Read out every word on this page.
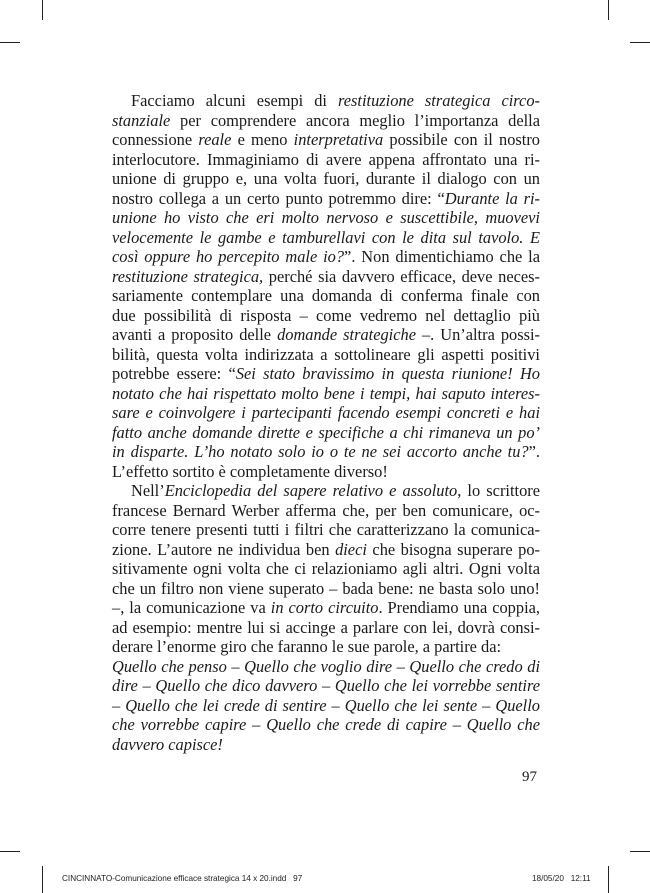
Facciamo alcuni esempi di restituzione strategica circo-
stanziale per comprendere ancora meglio l’importanza della
connessione reale e meno interpretativa possibile con il nostro
interlocutore. Immaginiamo di avere appena affrontato una ri-
unione di gruppo e, una volta fuori, durante il dialogo con un
nostro collega a un certo punto potremmo dire: “Durante la ri-
unione ho visto che eri molto nervoso e suscettibile, muovevi
velocemente le gambe e tamburellavi con le dita sul tavolo. E
così oppure ho percepito male io?”. Non dimentichiamo che la
restituzione strategica, perché sia davvero efficace, deve neces-
sariamente contemplare una domanda di conferma finale con
due possibilità di risposta – come vedremo nel dettaglio più
avanti a proposito delle domande strategiche –. Un’altra possi-
bilità, questa volta indirizzata a sottolineare gli aspetti positivi
potrebbe essere: “Sei stato bravissimo in questa riunione! Ho
notato che hai rispettato molto bene i tempi, hai saputo interes-
sare e coinvolgere i partecipanti facendo esempi concreti e hai
fatto anche domande dirette e specifiche a chi rimaneva un po’
in disparte. L’ho notato solo io o te ne sei accorto anche tu?”.
L’effetto sortito è completamente diverso!
Nell’Enciclopedia del sapere relativo e assoluto, lo scrittore
francese Bernard Werber afferma che, per ben comunicare, oc-
corre tenere presenti tutti i filtri che caratterizzano la comunica-
zione. L’autore ne individua ben dieci che bisogna superare po-
sitivamente ogni volta che ci relazioniamo agli altri. Ogni volta
che un filtro non viene superato – bada bene: ne basta solo uno!
–, la comunicazione va in corto circuito. Prendiamo una coppia,
ad esempio: mentre lui si accinge a parlare con lei, dovrà consi-
derare l’enorme giro che faranno le sue parole, a partire da:
Quello che penso – Quello che voglio dire – Quello che credo di
dire – Quello che dico davvero – Quello che lei vorrebbe sentire
– Quello che lei crede di sentire – Quello che lei sente – Quello
che vorrebbe capire – Quello che crede di capire – Quello che
davvero capisce!
97
CINCINNATO-Comunicazione efficace strategica 14 x 20.indd   97	18/05/20   12:11
